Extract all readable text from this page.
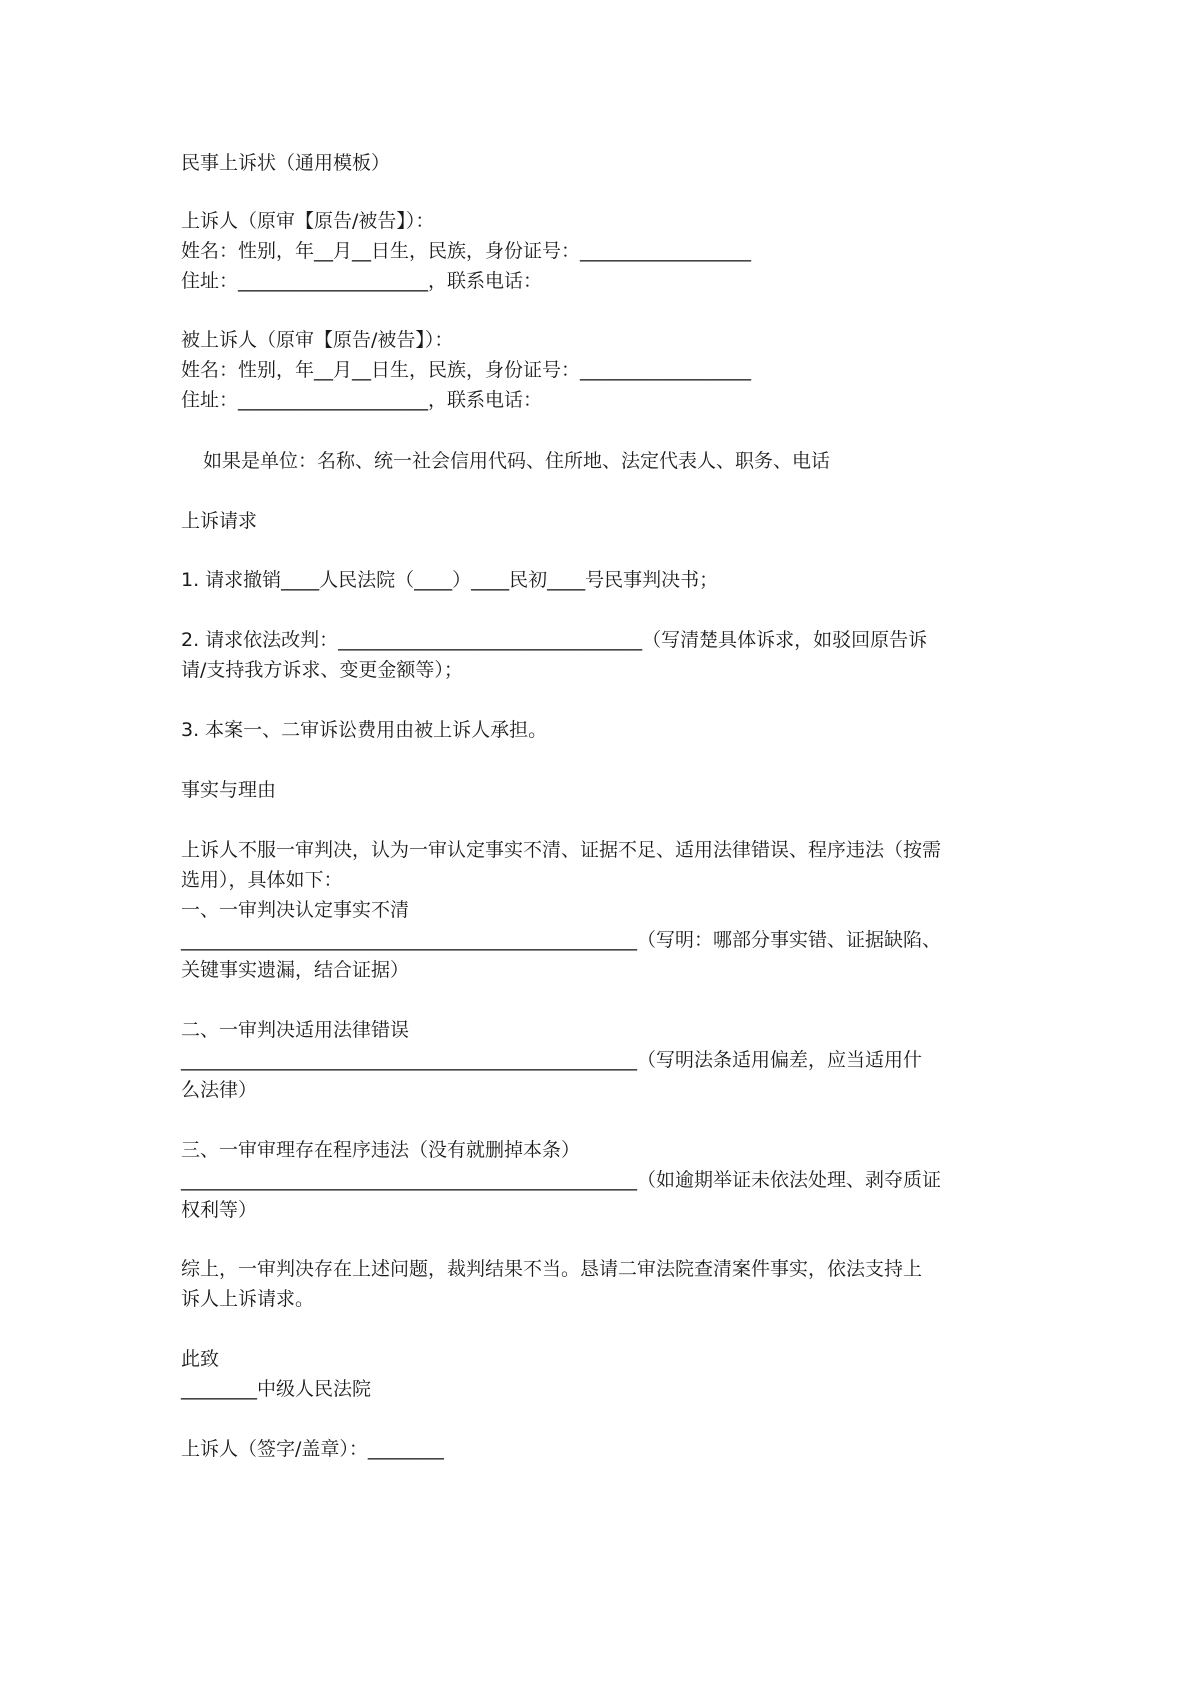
民事上诉状（通用模板）
上诉人（原审【原告/被告】）：
姓名：性别，年__月__日生，民族，身份证号：__________________
住址：____________________，联系电话：
被上诉人（原审【原告/被告】）：
姓名：性别，年__月__日生，民族，身份证号：__________________
住址：____________________，联系电话：
如果是单位：名称、统一社会信用代码、住所地、法定代表人、职务、电话
上诉请求
1. 请求撤销____人民法院（____）____民初____号民事判决书；
2. 请求依法改判：________________________________（写清楚具体诉求，如驳回原告诉
请/支持我方诉求、变更金额等）；
3. 本案一、二审诉讼费用由被上诉人承担。
事实与理由
上诉人不服一审判决，认为一审认定事实不清、证据不足、适用法律错误、程序违法（按需
选用），具体如下：
一、一审判决认定事实不清
________________________________________________（写明：哪部分事实错、证据缺陷、
关键事实遗漏，结合证据）
二、一审判决适用法律错误
________________________________________________（写明法条适用偏差，应当适用什
么法律）
三、一审审理存在程序违法（没有就删掉本条）
________________________________________________（如逾期举证未依法处理、剥夺质证
权利等）
综上，一审判决存在上述问题，裁判结果不当。恳请二审法院查清案件事实，依法支持上
诉人上诉请求。
此致
________中级人民法院
上诉人（签字/盖章）：________
